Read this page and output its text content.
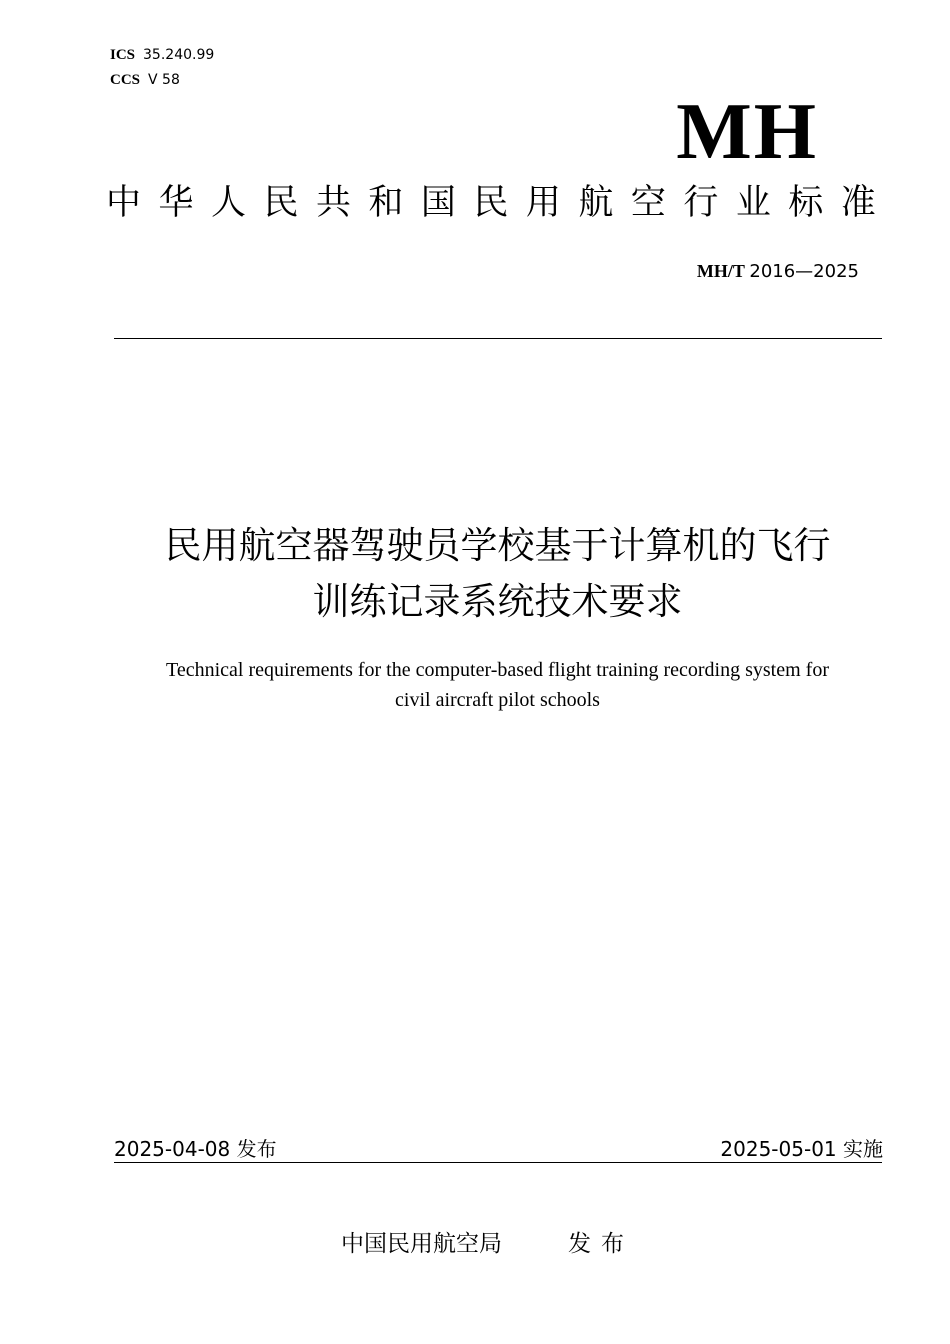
ICS 35.240.99
CCS V 58
MH
中 华 人 民 共 和 国 民 用 航 空 行 业 标 准
MH/T 2016—2025
民用航空器驾驶员学校基于计算机的飞行
训练记录系统技术要求
Technical requirements for the computer-based flight training recording system for
civil aircraft pilot schools
2025-04-08 发布	2025-05-01 实施
中国民用航空局	发布
